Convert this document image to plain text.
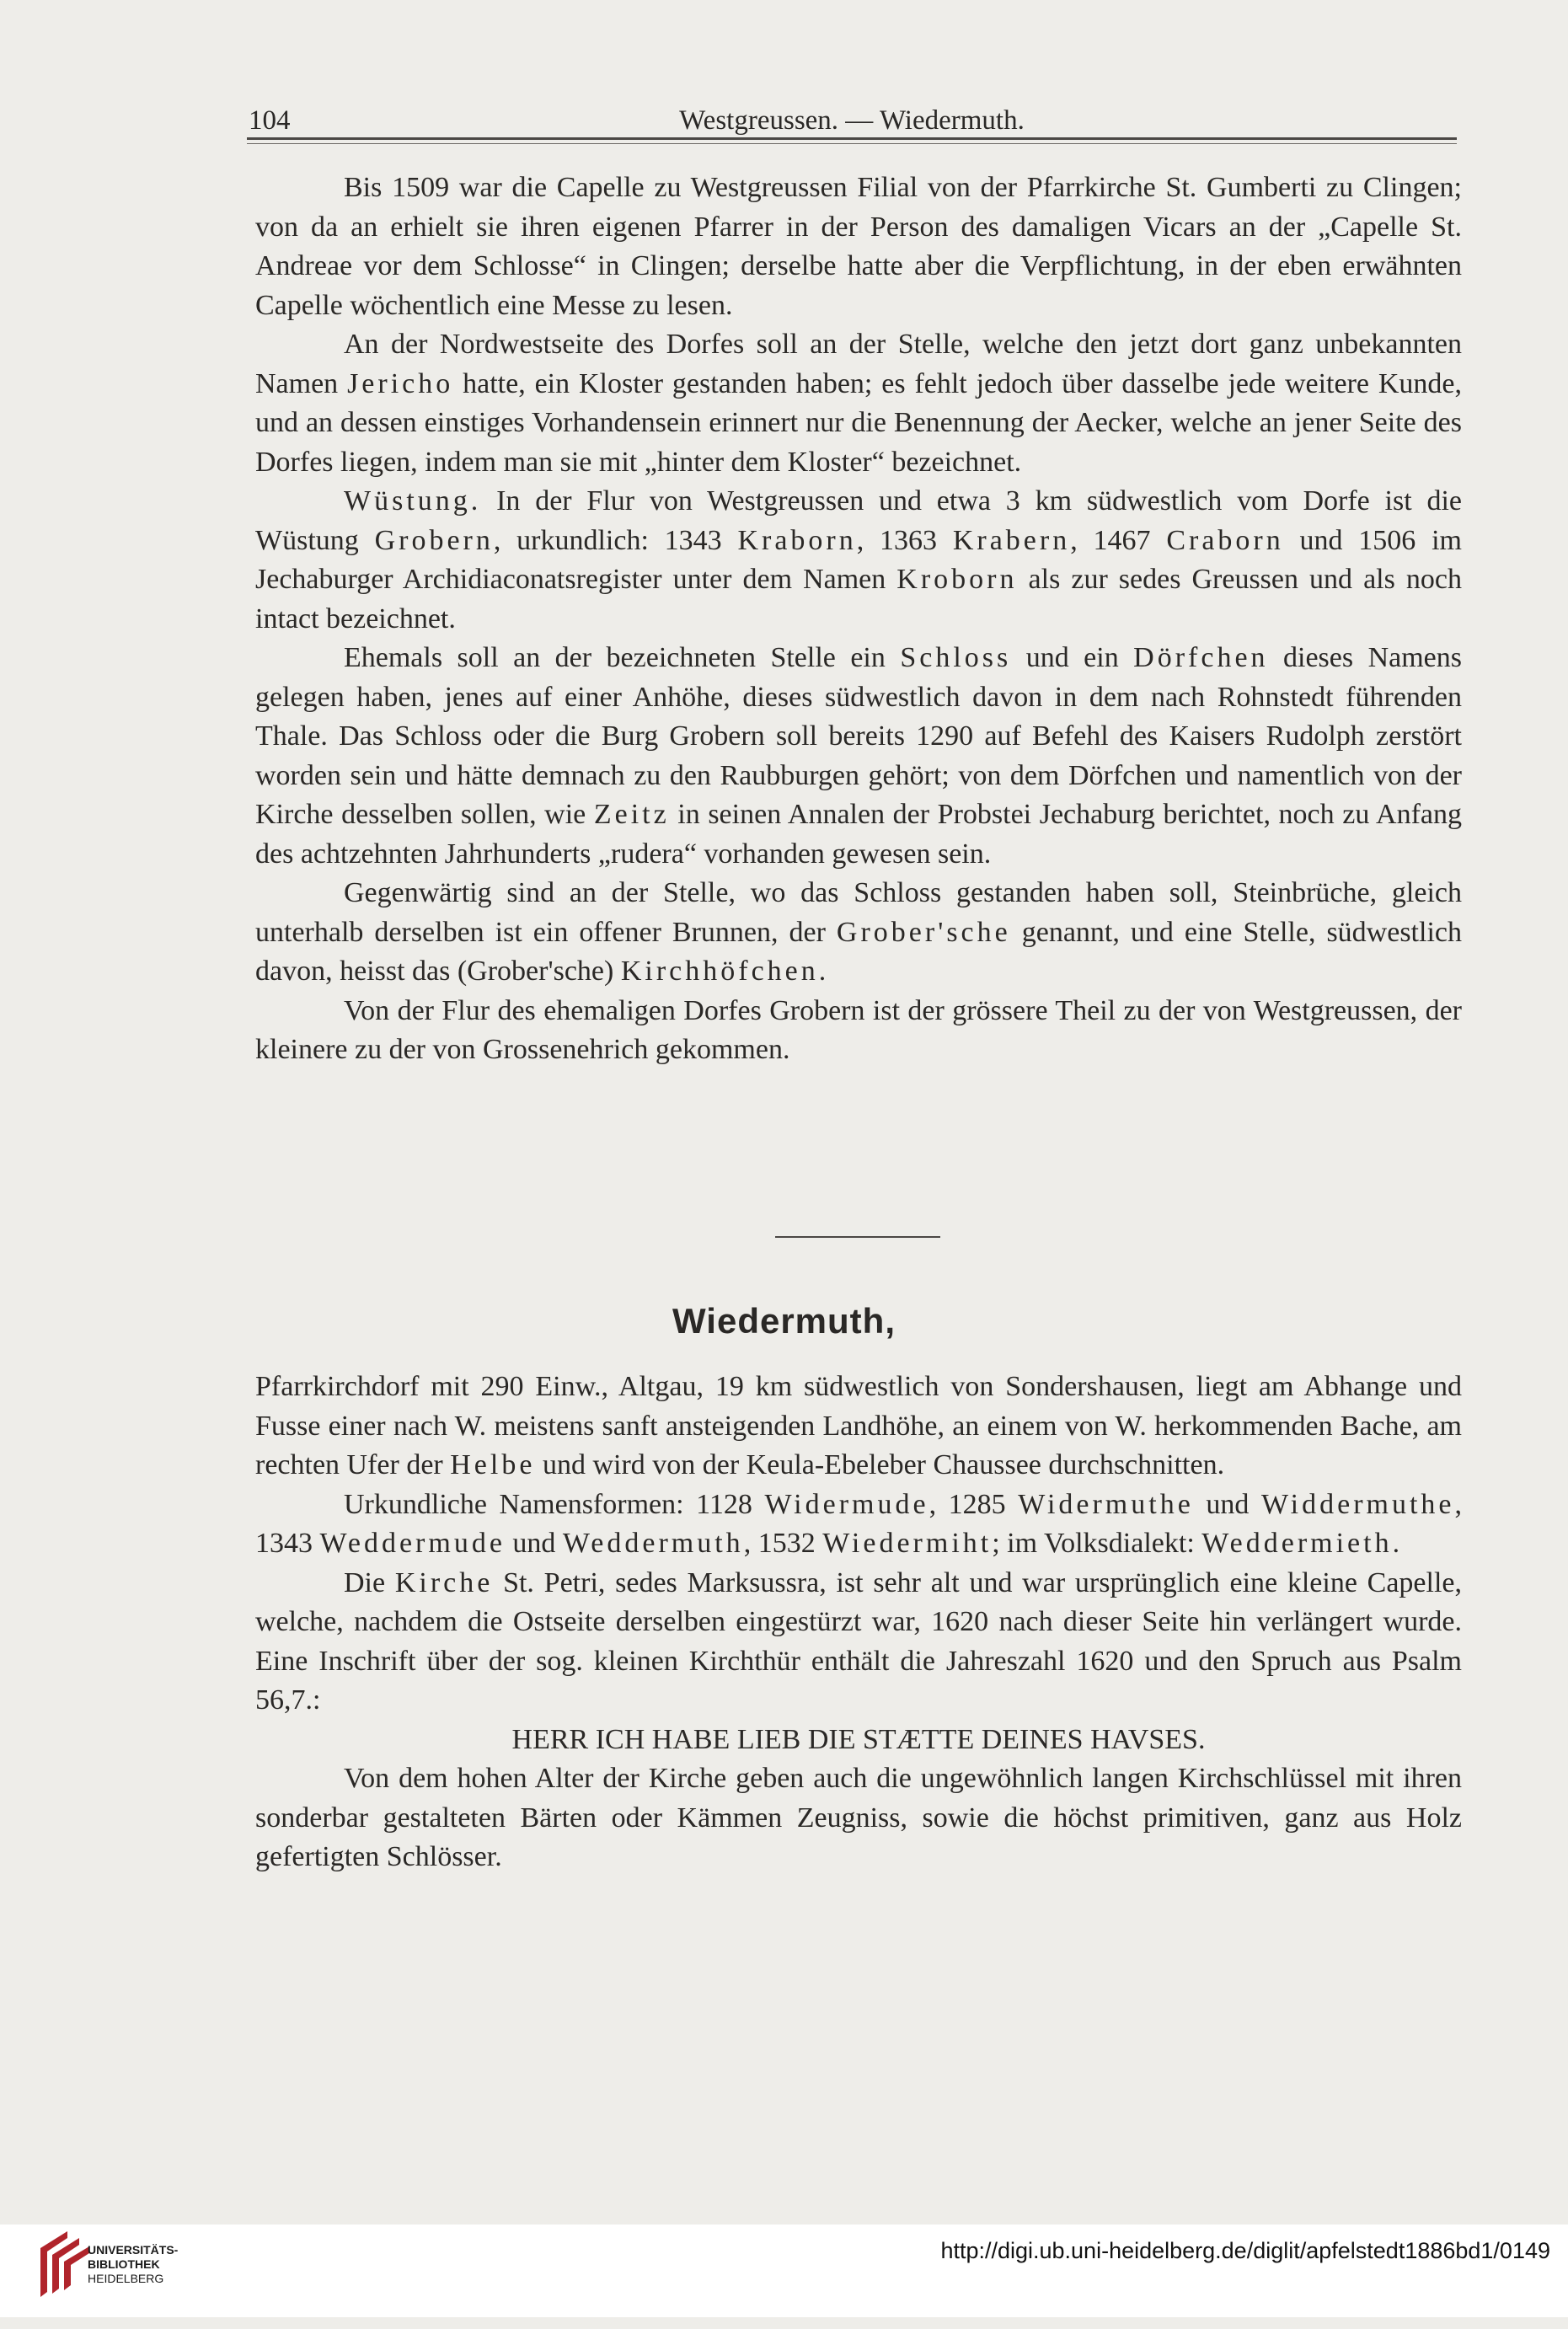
104	Westgreussen. — Wiedermuth.

Bis 1509 war die Capelle zu Westgreussen Filial von der Pfarrkirche St. Gumberti zu Clingen; von da an erhielt sie ihren eigenen Pfarrer in der Person des damaligen Vicars an der „Capelle St. Andreae vor dem Schlosse“ in Clingen; derselbe hatte aber die Verpflichtung, in der eben erwähnten Capelle wöchentlich eine Messe zu lesen.

An der Nordwestseite des Dorfes soll an der Stelle, welche den jetzt dort ganz unbekannten Namen Jericho hatte, ein Kloster gestanden haben; es fehlt jedoch über dasselbe jede weitere Kunde, und an dessen einstiges Vorhandensein erinnert nur die Benennung der Aecker, welche an jener Seite des Dorfes liegen, indem man sie mit „hinter dem Kloster“ bezeichnet.

Wüstung. In der Flur von Westgreussen und etwa 3 km südwestlich vom Dorfe ist die Wüstung Grobern, urkundlich: 1343 Kraborn, 1363 Krabern, 1467 Craborn und 1506 im Jechaburger Archidiaconatsregister unter dem Namen Kroborn als zur sedes Greussen und als noch intact bezeichnet.

Ehemals soll an der bezeichneten Stelle ein Schloss und ein Dörfchen dieses Namens gelegen haben, jenes auf einer Anhöhe, dieses südwestlich davon in dem nach Rohnstedt führenden Thale. Das Schloss oder die Burg Grobern soll bereits 1290 auf Befehl des Kaisers Rudolph zerstört worden sein und hätte demnach zu den Raubburgen gehört; von dem Dörfchen und namentlich von der Kirche desselben sollen, wie Zeitz in seinen Annalen der Probstei Jechaburg berichtet, noch zu Anfang des achtzehnten Jahrhunderts „rudera“ vorhanden gewesen sein.

Gegenwärtig sind an der Stelle, wo das Schloss gestanden haben soll, Steinbrüche, gleich unterhalb derselben ist ein offener Brunnen, der Grober'sche genannt, und eine Stelle, südwestlich davon, heisst das (Grober'sche) Kirchhöfchen.

Von der Flur des ehemaligen Dorfes Grobern ist der grössere Theil zu der von Westgreussen, der kleinere zu der von Grossenehrich gekommen.

Wiedermuth,

Pfarrkirchdorf mit 290 Einw., Altgau, 19 km südwestlich von Sondershausen, liegt am Abhange und Fusse einer nach W. meistens sanft ansteigenden Landhöhe, an einem von W. herkommenden Bache, am rechten Ufer der Helbe und wird von der Keula-Ebeleber Chaussee durchschnitten.

Urkundliche Namensformen: 1128 Widermude, 1285 Widermuthe und Widdermuthe, 1343 Weddermude und Weddermuth, 1532 Wiedermiht; im Volksdialekt: Weddermieth.

Die Kirche St. Petri, sedes Marksussra, ist sehr alt und war ursprünglich eine kleine Capelle, welche, nachdem die Ostseite derselben eingestürzt war, 1620 nach dieser Seite hin verlängert wurde. Eine Inschrift über der sog. kleinen Kirchthür enthält die Jahreszahl 1620 und den Spruch aus Psalm 56,7.:

HERR ICH HABE LIEB DIE STÆTTE DEINES HAVSES.

Von dem hohen Alter der Kirche geben auch die ungewöhnlich langen Kirchschlüssel mit ihren sonderbar gestalteten Bärten oder Kämmen Zeugniss, sowie die höchst primitiven, ganz aus Holz gefertigten Schlösser.

UNIVERSITÄTS-
BIBLIOTHEK
HEIDELBERG
http://digi.ub.uni-heidelberg.de/diglit/apfelstedt1886bd1/0149
